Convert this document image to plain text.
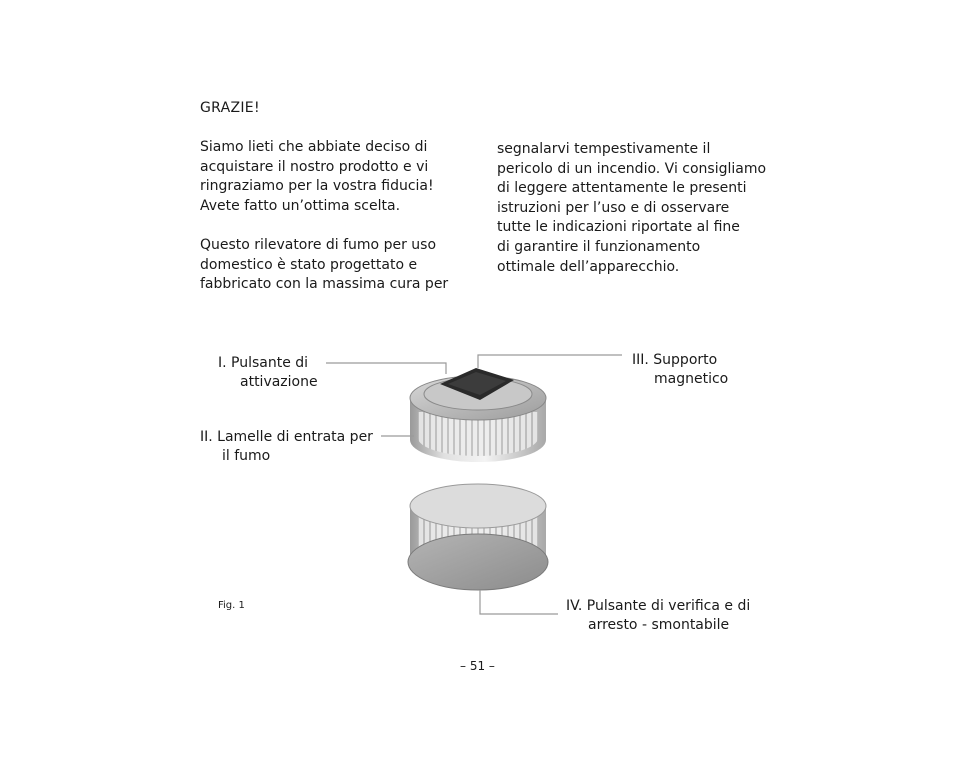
GRAZIE!

Siamo lieti che abbiate deciso di

acquistare il nostro prodotto e vi

ringraziamo per la vostra fiducia!

Avete fatto un’ottima scelta.

Questo rilevatore di fumo per uso

domestico è stato progettato e

fabbricato con la massima cura per

segnalarvi tempestivamente il

pericolo di un incendio. Vi consigliamo

di leggere attentamente le presenti

istruzioni per l’uso e di osservare

tutte le indicazioni riportate al fine

di garantire il funzionamento

ottimale dell’apparecchio.

I. Pulsante di
attivazione
II. Lamelle di entrata per
il fumo
III. Supporto
magnetico
IV. Pulsante di verifica e di
arresto - smontabile
Fig. 1
– 51 –
